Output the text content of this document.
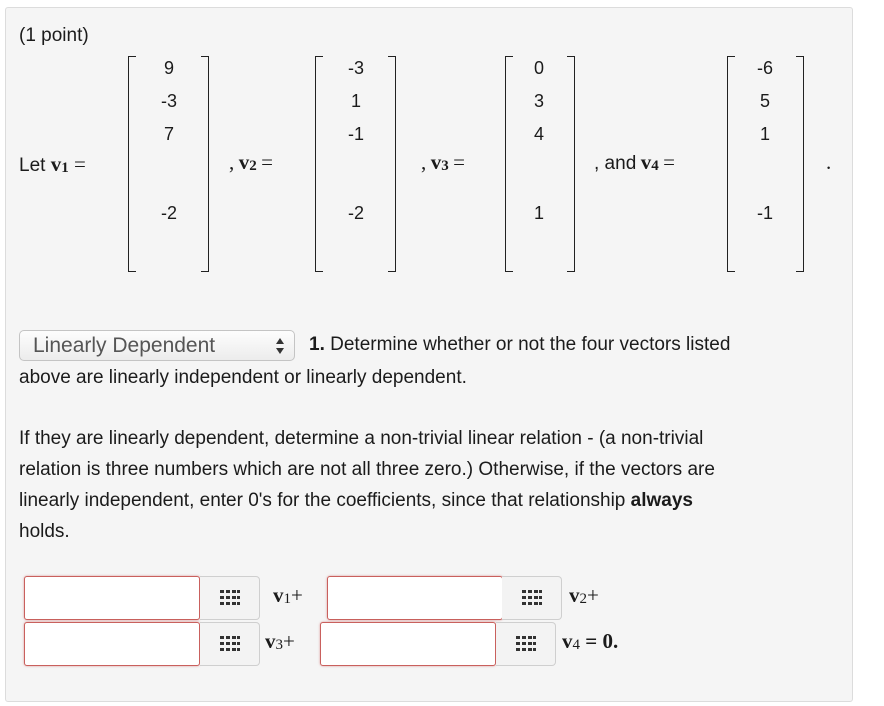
(1 point)
Let v1 =
9
-3
7
-2
, v2 =
-3
1
-1
-2
, v3 =
0
3
4
1
, and v4 =
-6
5
1
-1
.
Linearly Dependent	1. Determine whether or not the four vectors listed
above are linearly independent or linearly dependent.
If they are linearly dependent, determine a non-trivial linear relation - (a non-trivial
relation is three numbers which are not all three zero.) Otherwise, if the vectors are
linearly independent, enter 0's for the coefficients, since that relationship always
holds.
v1+	v2+
v3+	v4 = 0.
